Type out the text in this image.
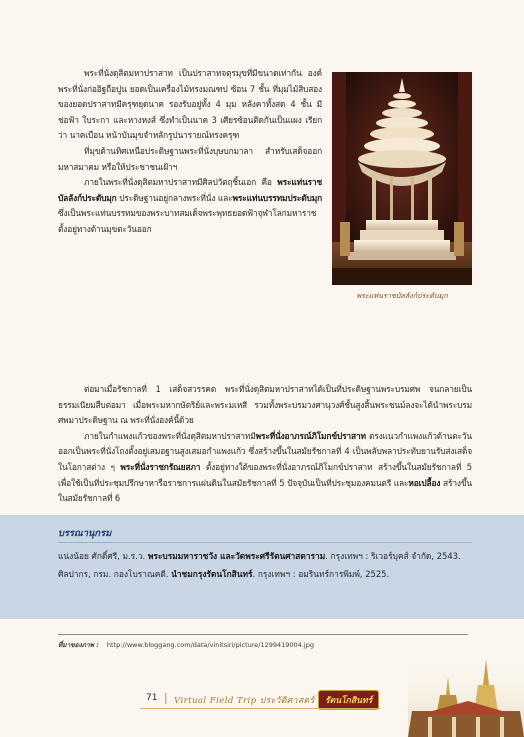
พระที่นั่งดุสิตมหาปราสาท เป็นปราสาทจตุรมุขที่มีขนาดเท่ากัน องค์พระที่นั่งก่ออิฐถือปูน ยอดเป็นเครื่องไม้ทรงมณฑป ซ้อน 7 ชั้น ที่มุมไม้สิบสองของยอดปราสาทมีครุฑยุดนาค รองรับอยู่ทั้ง 4 มุม หลังคาทั้งสด 4 ชั้น มีช่อฟ้า ใบระกา และหางหงส์ ซึ่งทำเป็นนาค 3 เศียรซ้อนติดกันเป็นแผง เรียกว่า นาคเบือน หน้าบันมุขจำหลักรูปนารายณ์ทรงครุฑ

ที่มุขด้านทิศเหนือประดิษฐานพระที่นั่งบุษบกมาลา สำหรับเสด็จออกมหาสมาคม หรือให้ประชาชนเฝ้าฯ

ภายในพระที่นั่งดุสิตมหาปราสาทมีศิลปวัตถุชิ้นเอก คือ พระแท่นราชบัลลังก์ประดับมุก ประดิษฐานอยู่กลางพระที่นั่ง และพระแท่นบรรทมประดับมุก ซึ่งเป็นพระแท่นบรรทมของพระบาทสมเด็จพระพุทธยอดฟ้าจุฬาโลกมหาราช ตั้งอยู่ทางด้านมุขตะวันออก

พระแท่นราชบัลลังก์ประดับมุก

ต่อมาเมื่อรัชกาลที่ 1 เสด็จสวรรคต พระที่นั่งดุสิตมหาปราสาทได้เป็นที่ประดิษฐานพระบรมศพ จนกลายเป็นธรรมเนียมสืบต่อมา เมื่อพระมหากษัตริย์และพระมเหสี รวมทั้งพระบรมวงศานุวงศ์ชั้นสูงสิ้นพระชนม์ลงจะได้นำพระบรมศพมาประดิษฐาน ณ พระที่นั่งองค์นี้ด้วย

ภายในกำแพงแก้วของพระที่นั่งดุสิตมหาปราสาทมีพระที่นั่งอาภรณ์ภิโมกข์ปราสาท ตรงแนวกำแพงแก้วด้านตะวันออกเป็นพระที่นั่งโถงตั้งอยู่เสมอฐานสูงเสมอกำแพงแก้ว ซึ่งสร้างขึ้นในสมัยรัชกาลที่ 4 เป็นพลับพลาประทับยานรับส่งเสด็จในโอกาสต่าง ๆ พระที่นั่งราชกรัณยสภา ตั้งอยู่ทางใต้ของพระที่นั่งอาภรณ์ภิโมกข์ปราสาท สร้างขึ้นในสมัยรัชกาลที่ 5 เพื่อใช้เป็นที่ประชุมปรึกษาหารือราชการแผ่นดินในสมัยรัชกาลที่ 5 ปัจจุบันเป็นที่ประชุมองคมนตรี และหอเปลื้อง สร้างขึ้นในสมัยรัชกาลที่ 6

บรรณานุกรม

แน่งน้อย ศักดิ์ศรี, ม.ร.ว. พระบรมมหาราชวัง และวัดพระศรีรัตนศาสดาราม. กรุงเทพฯ : ริเวอร์บุคส์ จำกัด, 2543.

ศิลปากร, กรม. กองโบราณคดี. นำชมกรุงรัตนโกสินทร์. กรุงเทพฯ : อมรินทร์การพิมพ์, 2525.

ที่มาของภาพ : http://www.bloggang.com/data/vinitsiri/picture/1299419004.jpg
71 | Virtual Field Trip ประวัติศาสตร์	รัตนโกสินทร์
